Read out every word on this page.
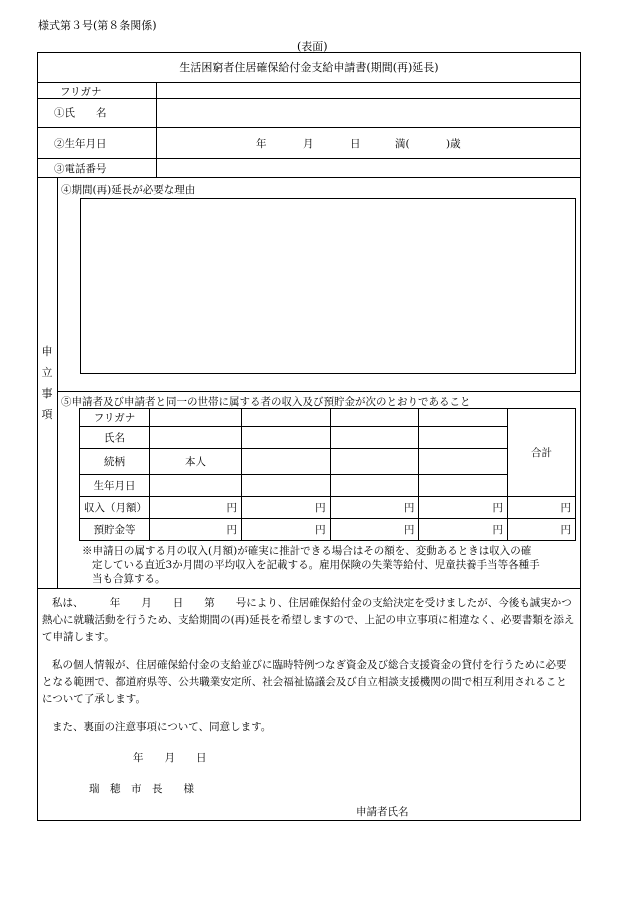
様式第３号(第８条関係)
(表面)
生活困窮者住居確保給付金支給申請書(期間(再)延長)
フリガナ
①氏　　名
②生年月日	年	月	日	満(	)歳
③電話番号
申
立
事
項
④期間(再)延長が必要な理由
⑤申請者及び申請者と同一の世帯に属する者の収入及び預貯金が次のとおりであること
フリガナ					合計
氏名					
続柄	本人				
生年月日					
収入（月額）	円	円	円	円	円
預貯金等	円	円	円	円	円
※申請日の属する月の収入(月額)が確実に推計できる場合はその額を、変動あるときは収入の確
定している直近3か月間の平均収入を記載する。雇用保険の失業等給付、児童扶養手当等各種手
当も合算する。
私は、　　　年　　月　　日　　第　　号により、住居確保給付金の支給決定を受けましたが、今後も誠実かつ熱心に就職活動を行うため、支給期間の(再)延長を希望しますので、上記の申立事項に相違なく、必要書類を添えて申請します。
私の個人情報が、住居確保給付金の支給並びに臨時特例つなぎ資金及び総合支援資金の貸付を行うために必要となる範囲で、都道府県等、公共職業安定所、社会福祉協議会及び自立相談支援機関の間で相互利用されることについて了承します。
また、裏面の注意事項について、同意します。
年　　月　　日
瑞　穂　市　長　　様
申請者氏名
